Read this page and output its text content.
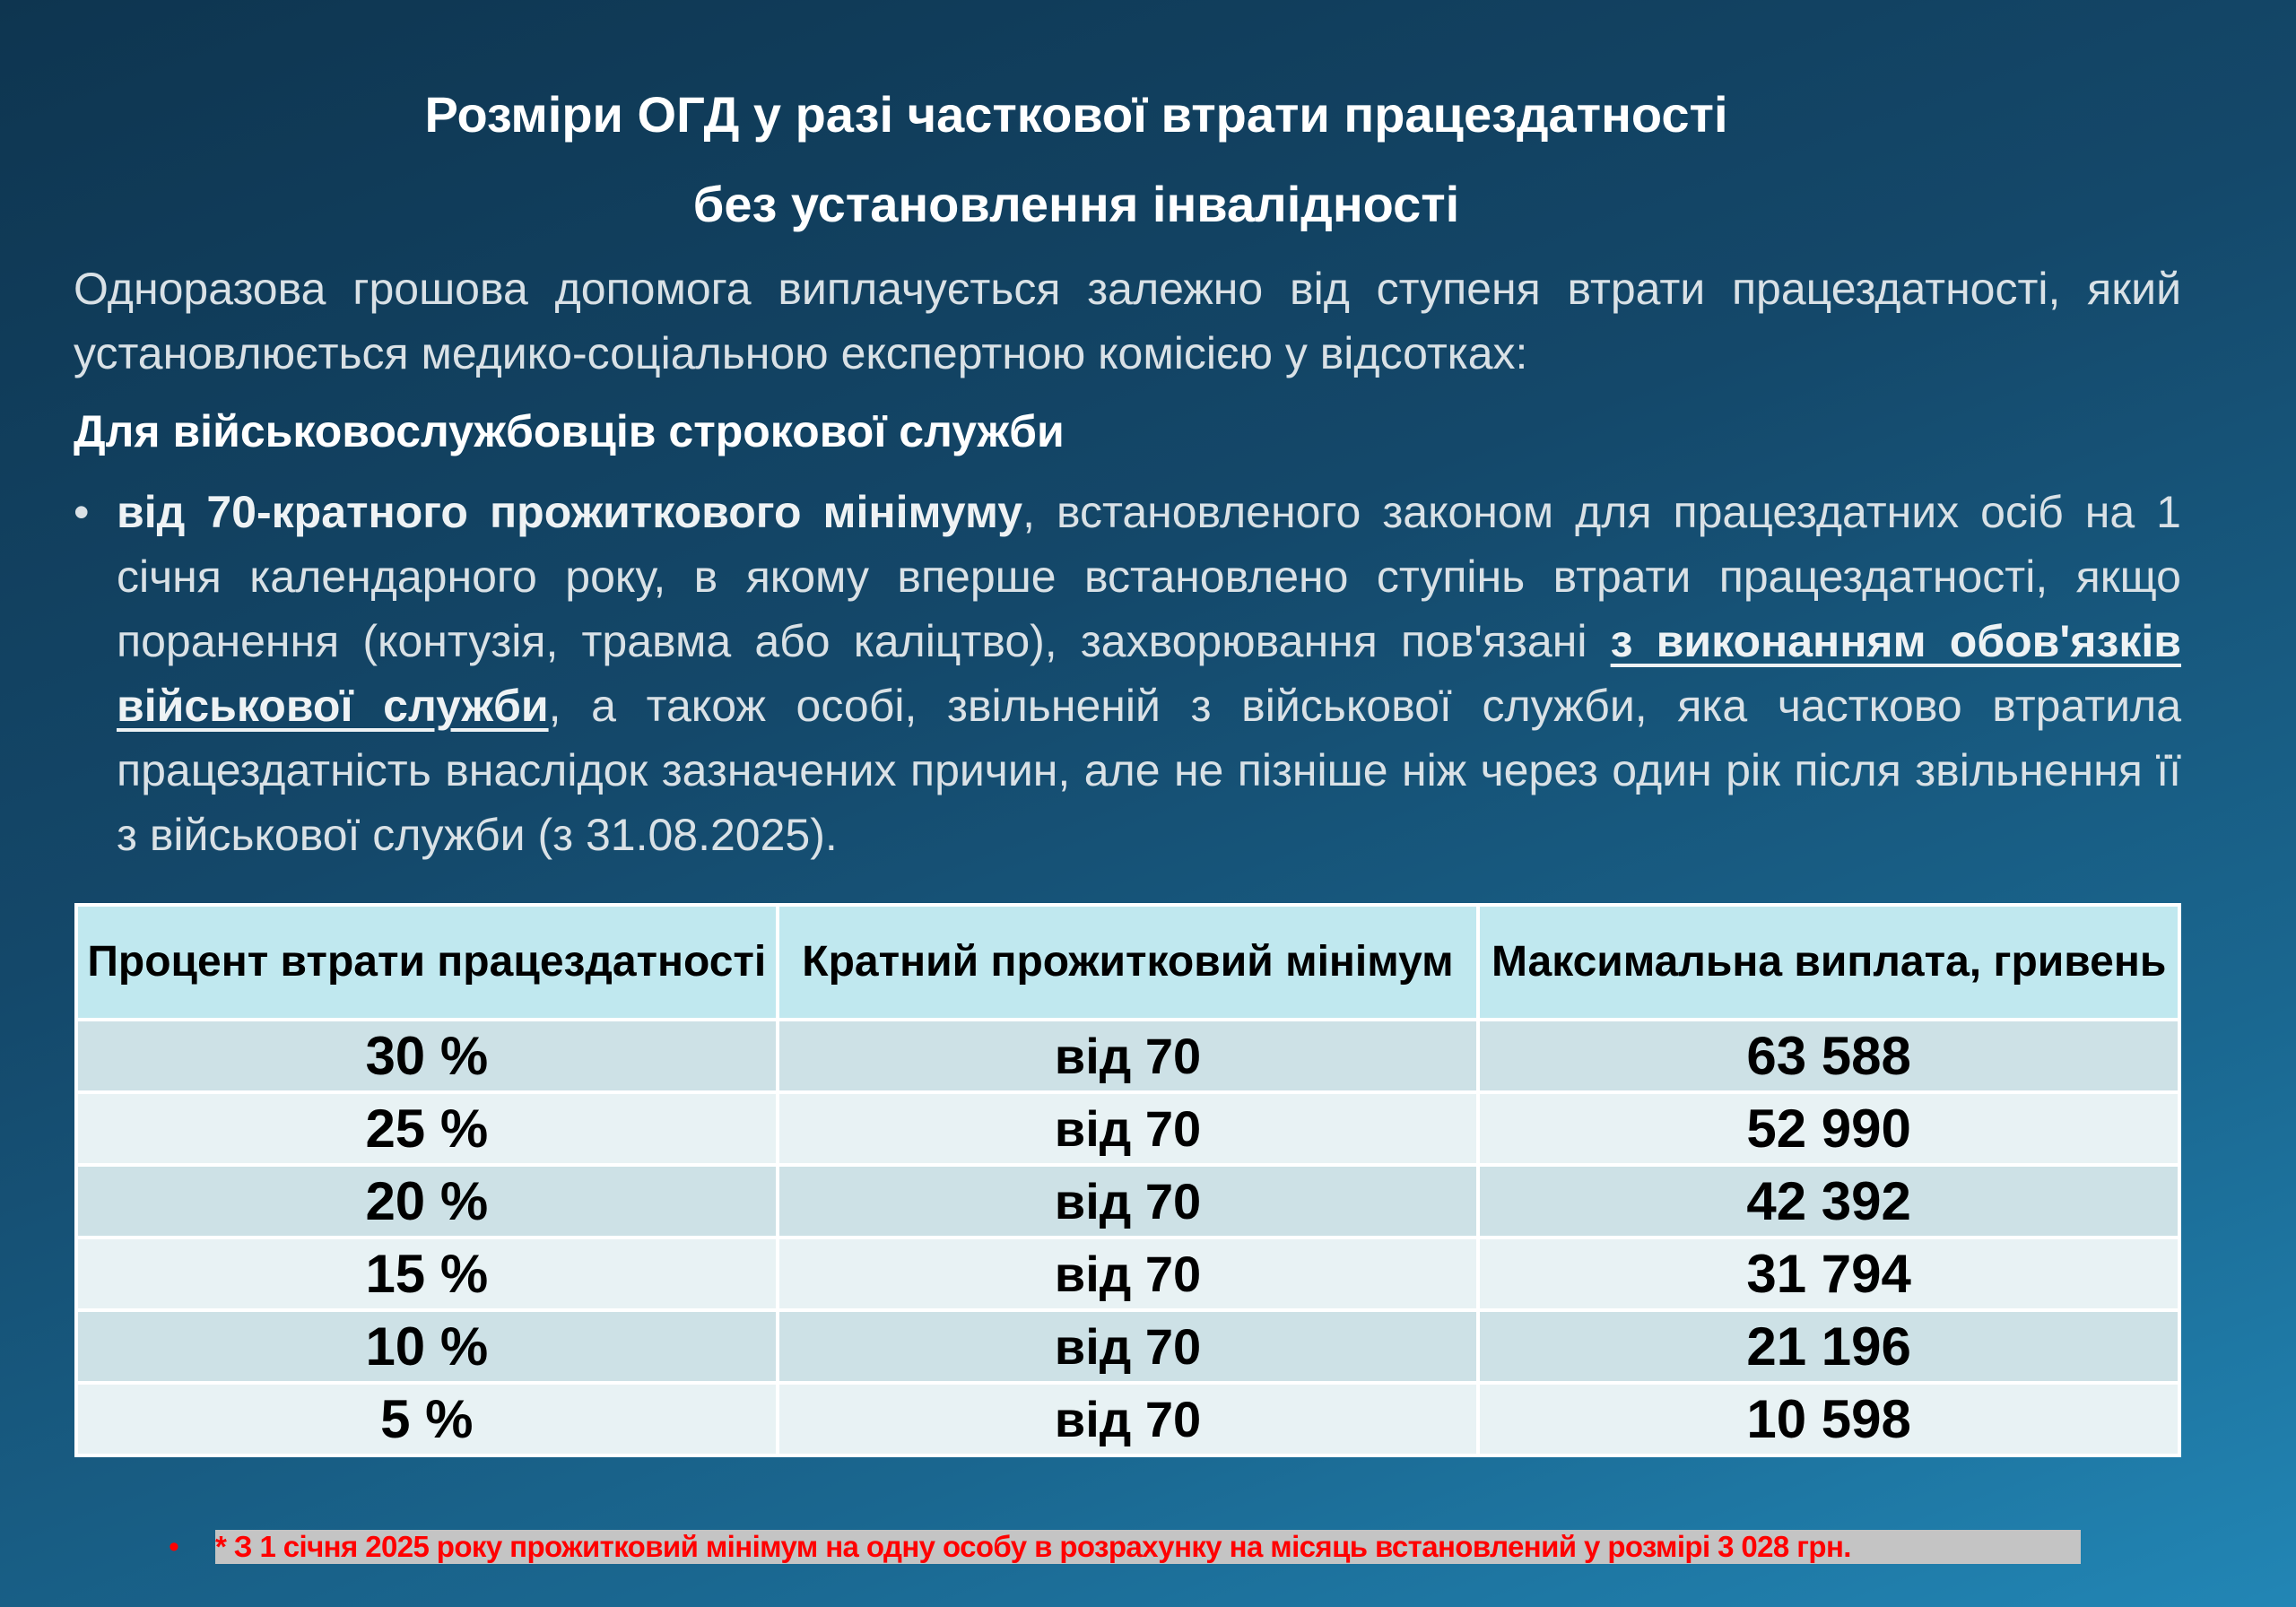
Розміри ОГД у разі часткової втрати працездатності
без установлення інвалідності
Одноразова грошова допомога виплачується залежно від ступеня втрати працездатності, який установлюється медико-соціальною експертною комісією у відсотках:
Для військовослужбовців строкової служби
• від 70-кратного прожиткового мінімуму, встановленого законом для працездатних осіб на 1 січня календарного року, в якому вперше встановлено ступінь втрати працездатності, якщо поранення (контузія, травма або каліцтво), захворювання пов'язані з виконанням обов'язків військової служби, а також особі, звільненій з військової служби, яка частково втратила працездатність внаслідок зазначених причин, але не пізніше ніж через один рік після звільнення її з військової служби (з 31.08.2025).
Процент втрати працездатності	Кратний прожитковий мінімум	Максимальна виплата, гривень
30 %	від 70	63 588
25 %	від 70	52 990
20 %	від 70	42 392
15 %	від 70	31 794
10 %	від 70	21 196
5 %	від 70	10 598
• * З 1 січня 2025 року прожитковий мінімум на одну особу в розрахунку на місяць встановлений у розмірі 3 028 грн.
